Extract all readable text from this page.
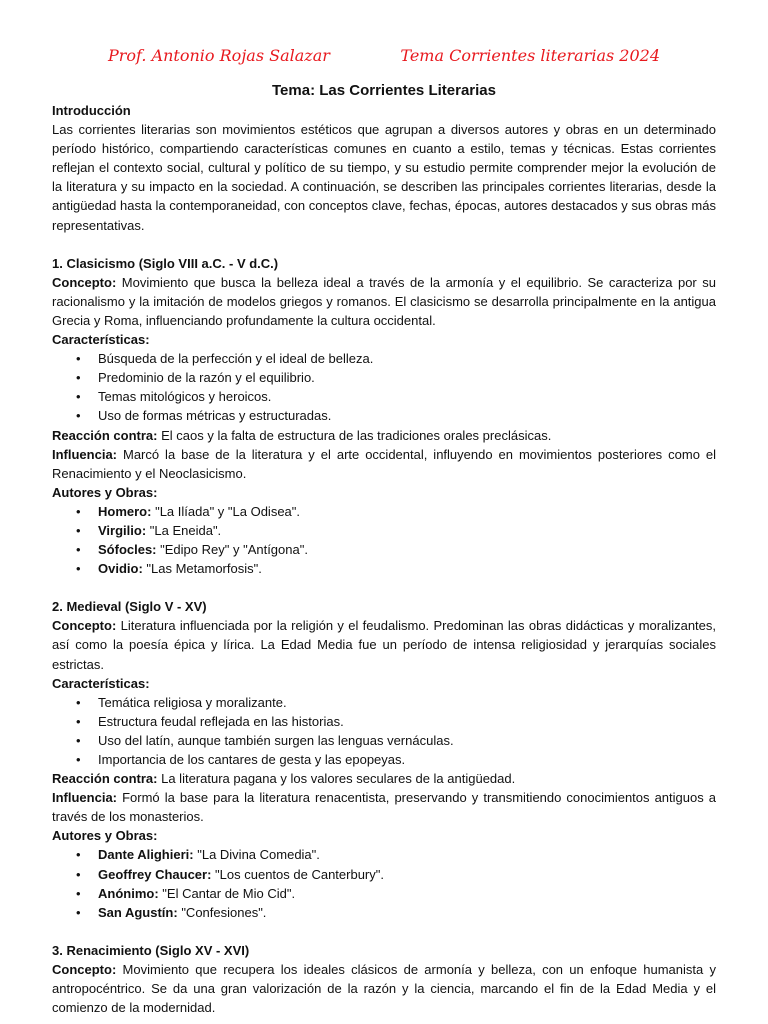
Prof. Antonio Rojas Salazar	Tema Corrientes literarias 2024
Tema: Las Corrientes Literarias

Introducción

Las corrientes literarias son movimientos estéticos que agrupan a diversos autores y obras en un determinado período histórico, compartiendo características comunes en cuanto a estilo, temas y técnicas. Estas corrientes reflejan el contexto social, cultural y político de su tiempo, y su estudio permite comprender mejor la evolución de la literatura y su impacto en la sociedad. A continuación, se describen las principales corrientes literarias, desde la antigüedad hasta la contemporaneidad, con conceptos clave, fechas, épocas, autores destacados y sus obras más representativas.

1. Clasicismo (Siglo VIII a.C. - V d.C.)

Concepto: Movimiento que busca la belleza ideal a través de la armonía y el equilibrio. Se caracteriza por su racionalismo y la imitación de modelos griegos y romanos. El clasicismo se desarrolla principalmente en la antigua Grecia y Roma, influenciando profundamente la cultura occidental.

Características:

• Búsqueda de la perfección y el ideal de belleza.
• Predominio de la razón y el equilibrio.
• Temas mitológicos y heroicos.
• Uso de formas métricas y estructuradas.

Reacción contra: El caos y la falta de estructura de las tradiciones orales preclásicas.

Influencia: Marcó la base de la literatura y el arte occidental, influyendo en movimientos posteriores como el Renacimiento y el Neoclasicismo.

Autores y Obras:

• Homero: "La Ilíada" y "La Odisea".
• Virgilio: "La Eneida".
• Sófocles: "Edipo Rey" y "Antígona".
• Ovidio: "Las Metamorfosis".

2. Medieval (Siglo V - XV)

Concepto: Literatura influenciada por la religión y el feudalismo. Predominan las obras didácticas y moralizantes, así como la poesía épica y lírica. La Edad Media fue un período de intensa religiosidad y jerarquías sociales estrictas.

Características:

• Temática religiosa y moralizante.
• Estructura feudal reflejada en las historias.
• Uso del latín, aunque también surgen las lenguas vernáculas.
• Importancia de los cantares de gesta y las epopeyas.

Reacción contra: La literatura pagana y los valores seculares de la antigüedad.

Influencia: Formó la base para la literatura renacentista, preservando y transmitiendo conocimientos antiguos a través de los monasterios.

Autores y Obras:

• Dante Alighieri: "La Divina Comedia".
• Geoffrey Chaucer: "Los cuentos de Canterbury".
• Anónimo: "El Cantar de Mio Cid".
• San Agustín: "Confesiones".

3. Renacimiento (Siglo XV - XVI)

Concepto: Movimiento que recupera los ideales clásicos de armonía y belleza, con un enfoque humanista y antropocéntrico. Se da una gran valorización de la razón y la ciencia, marcando el fin de la Edad Media y el comienzo de la modernidad.
